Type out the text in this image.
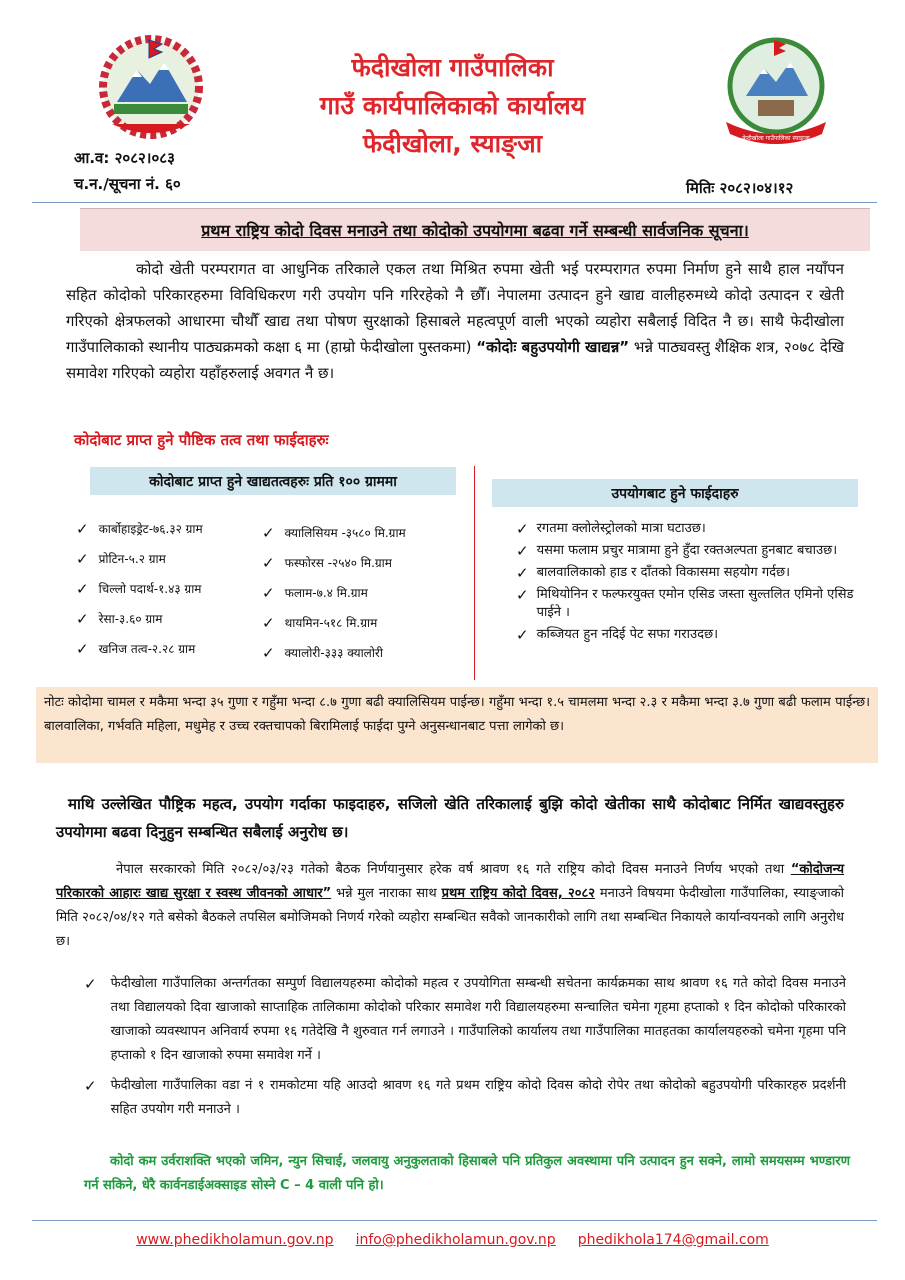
फेदीखोला गाउँपालिका स्याङ्जा
फेदीखोला गाउँपालिका
गाउँ कार्यपालिकाको कार्यालय
फेदीखोला, स्याङ्जा
आ.व: २०८२।०८३
च.न./सूचना नं. ६०	मितिः २०८२।०४।१२
प्रथम राष्ट्रिय कोदो दिवस मनाउने तथा कोदोको उपयोगमा बढवा गर्ने सम्बन्धी सार्वजनिक सूचना।
कोदो खेती परम्परागत वा आधुनिक तरिकाले एकल तथा मिश्रित रुपमा खेती भई परम्परागत रुपमा निर्माण हुने साथै हाल नयाँपन सहित कोदोको परिकारहरुमा विविधिकरण गरी उपयोग पनि गरिरहेको नै छौँ। नेपालमा उत्पादन हुने खाद्य वालीहरुमध्ये कोदो उत्पादन र खेती गरिएको क्षेत्रफलको आधारमा चौथौँ खाद्य तथा पोषण सुरक्षाको हिसाबले महत्वपूर्ण वाली भएको व्यहोरा सबैलाई विदित नै छ। साथै फेदीखोला गाउँपालिकाको स्थानीय पाठ्यक्रमको कक्षा ६ मा (हाम्रो फेदीखोला पुस्तकमा) “कोदोः बहुउपयोगी खाद्यन्न” भन्ने पाठ्यवस्तु शैक्षिक शत्र, २०७८ देखि समावेश गरिएको व्यहोरा यहाँहरुलाई अवगत नै छ।
कोदोबाट प्राप्त हुने पौष्टिक तत्व तथा फाईदाहरुः
कोदोबाट प्राप्त हुने खाद्यतत्वहरुः प्रति १०० ग्राममा
✓ कार्बोहाइड्रेट-७६.३२ ग्राम
✓ प्रोटिन-५.२ ग्राम
✓ चिल्लो पदार्थ-१.४३ ग्राम
✓ रेसा-३.६० ग्राम
✓ खनिज तत्व-२.२८ ग्राम
✓ क्यालिसियम -३५८० मि.ग्राम
✓ फस्फोरस -२५४० मि.ग्राम
✓ फलाम-७.४ मि.ग्राम
✓ थायमिन-५१८ मि.ग्राम
✓ क्यालोरी-३३३ क्यालोरी
उपयोगबाट हुने फाईदाहरु
✓ रगतमा क्लोलेस्ट्रोलको मात्रा घटाउछ।
✓ यसमा फलाम प्रचुर मात्रामा हुने हुँदा रक्तअल्पता हुनबाट बचाउछ।
✓ बालवालिकाको हाड र दाँतको विकासमा सहयोग गर्दछ।
✓ मिथियोनिन र फल्फरयुक्त एमोन एसिड जस्ता सुल्तलित एमिनो एसिड पाईने ।
✓ कब्जियत हुन नदिई पेट सफा गराउदछ।
नोटः कोदोमा चामल र मकैमा भन्दा ३५ गुणा र गहुँमा भन्दा ८.७ गुणा बढी क्यालिसियम पाईन्छ। गहुँमा भन्दा १.५ चामलमा भन्दा २.३ र मकैमा भन्दा ३.७ गुणा बढी फलाम पाईन्छ। बालवालिका, गर्भवति महिला, मधुमेह र उच्च रक्तचापको बिरामिलाई फाईदा पुग्ने अनुसन्धानबाट पत्ता लागेको छ।
माथि उल्लेखित पौष्ट्रिक महत्व, उपयोग गर्दाका फाइदाहरु, सजिलो खेति तरिकालाई बुझि कोदो खेतीका साथै कोदोबाट निर्मित खाद्यवस्तुहरु उपयोगमा बढवा दिनुहुन सम्बन्धित सबैलाई अनुरोध छ।
नेपाल सरकारको मिति २०८२/०३/२३ गतेको बैठक निर्णयानुसार हरेक वर्ष श्रावण १६ गते राष्ट्रिय कोदो दिवस मनाउने निर्णय भएको तथा “कोदोजन्य परिकारको आहारः खाद्य सुरक्षा र स्वस्थ जीवनको आधार” भन्ने मुल नाराका साथ प्रथम राष्ट्रिय कोदो दिवस, २०८२ मनाउने विषयमा फेदीखोला गाउँपालिका, स्याङ्जाको मिति २०८२/०४/१२ गते बसेको बैठकले तपसिल बमोजिमको निणर्य गरेको व्यहोरा सम्बन्धित सवैको जानकारीको लागि तथा सम्बन्धित निकायले कार्यान्वयनको लागि अनुरोध छ।
✓ फेदीखोला गाउँपालिका अन्तर्गतका सम्पुर्ण विद्यालयहरुमा कोदोको महत्व र उपयोगिता सम्बन्धी सचेतना कार्यक्रमका साथ श्रावण १६ गते कोदो दिवस मनाउने तथा विद्यालयको दिवा खाजाको साप्ताहिक तालिकामा कोदोको परिकार समावेश गरी विद्यालयहरुमा सन्चालित चमेना गृहमा हप्ताको १ दिन कोदोको परिकारको खाजाको व्यवस्थापन अनिवार्य रुपमा १६ गतेदेखि नै शुरुवात गर्न लगाउने । गाउँपालिको कार्यालय तथा गाउँपालिका मातहतका कार्यालयहरुको चमेना गृहमा पनि हप्ताको १ दिन खाजाको रुपमा समावेश गर्ने ।
✓ फेदीखोला गाउँपालिका वडा नं १ रामकोटमा यहि आउदो श्रावण १६ गते प्रथम राष्ट्रिय कोदो दिवस कोदो रोपेर तथा कोदोको बहुउपयोगी परिकारहरु प्रदर्शनी सहित उपयोग गरी मनाउने ।
कोदो कम उर्वराशक्ति भएको जमिन, न्युन सिचाई, जलवायु अनुकुलताको हिसाबले पनि प्रतिकुल अवस्थामा पनि उत्पादन हुन सक्ने, लामो समयसम्म भण्डारण गर्न सकिने, धेरै कार्वनडाईअक्साइड सोस्ने C – 4 वाली पनि हो।
www.phedikholamun.gov.np info@phedikholamun.gov.np phedikhola174@gmail.com
